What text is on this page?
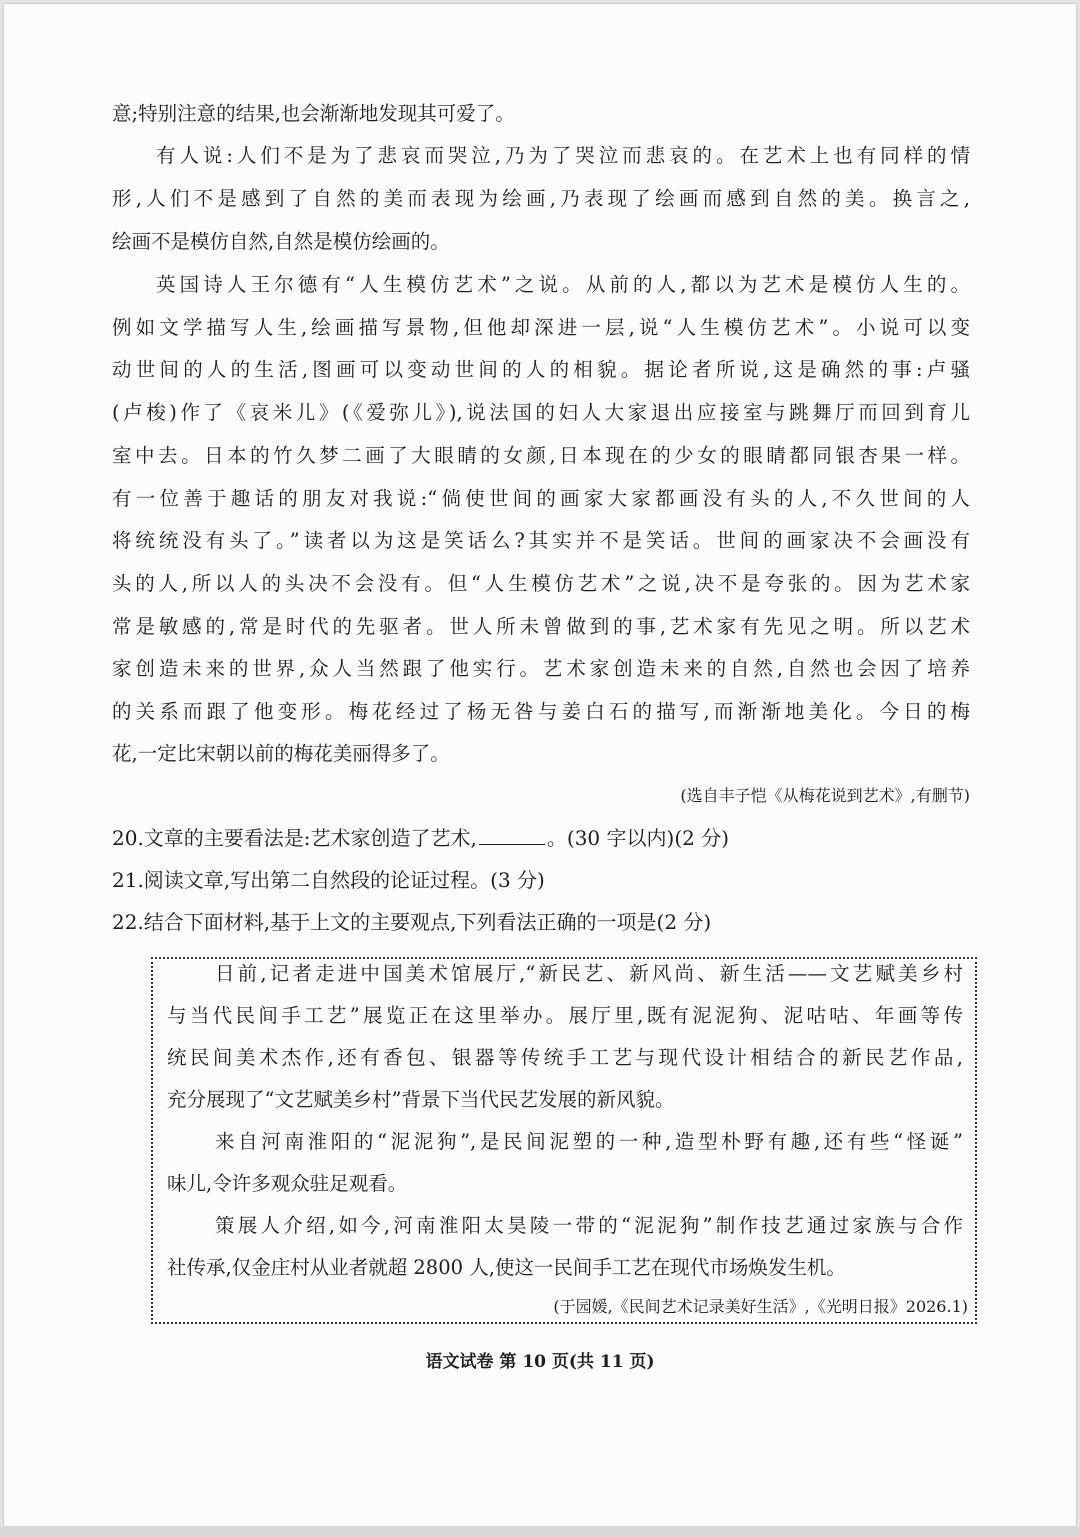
意;特别注意的结果,也会渐渐地发现其可爱了。
有人说:人们不是为了悲哀而哭泣,乃为了哭泣而悲哀的。在艺术上也有同样的情
形,人们不是感到了自然的美而表现为绘画,乃表现了绘画而感到自然的美。换言之,
绘画不是模仿自然,自然是模仿绘画的。
英国诗人王尔德有“人生模仿艺术”之说。从前的人,都以为艺术是模仿人生的。
例如文学描写人生,绘画描写景物,但他却深进一层,说“人生模仿艺术”。小说可以变
动世间的人的生活,图画可以变动世间的人的相貌。据论者所说,这是确然的事:卢骚
(卢梭)作了《哀米儿》(《爱弥儿》),说法国的妇人大家退出应接室与跳舞厅而回到育儿
室中去。日本的竹久梦二画了大眼睛的女颜,日本现在的少女的眼睛都同银杏果一样。
有一位善于趣话的朋友对我说:“倘使世间的画家大家都画没有头的人,不久世间的人
将统统没有头了。”读者以为这是笑话么?其实并不是笑话。世间的画家决不会画没有
头的人,所以人的头决不会没有。但“人生模仿艺术”之说,决不是夸张的。因为艺术家
常是敏感的,常是时代的先驱者。世人所未曾做到的事,艺术家有先见之明。所以艺术
家创造未来的世界,众人当然跟了他实行。艺术家创造未来的自然,自然也会因了培养
的关系而跟了他变形。梅花经过了杨无咎与姜白石的描写,而渐渐地美化。今日的梅
花,一定比宋朝以前的梅花美丽得多了。
(选自丰子恺《从梅花说到艺术》,有删节)
20.文章的主要看法是:艺术家创造了艺术,	。(30 字以内)(2 分)
21.阅读文章,写出第二自然段的论证过程。(3 分)
22.结合下面材料,基于上文的主要观点,下列看法正确的一项是(2 分)
日前,记者走进中国美术馆展厅,“新民艺、新风尚、新生活——文艺赋美乡村
与当代民间手工艺”展览正在这里举办。展厅里,既有泥泥狗、泥咕咕、年画等传
统民间美术杰作,还有香包、银器等传统手工艺与现代设计相结合的新民艺作品,
充分展现了“文艺赋美乡村”背景下当代民艺发展的新风貌。
来自河南淮阳的“泥泥狗”,是民间泥塑的一种,造型朴野有趣,还有些“怪诞”
味儿,令许多观众驻足观看。
策展人介绍,如今,河南淮阳太昊陵一带的“泥泥狗”制作技艺通过家族与合作
社传承,仅金庄村从业者就超 2800 人,使这一民间手工艺在现代市场焕发生机。
(于园媛,《民间艺术记录美好生活》,《光明日报》2026.1)
语文试卷 第 10 页(共 11 页)
